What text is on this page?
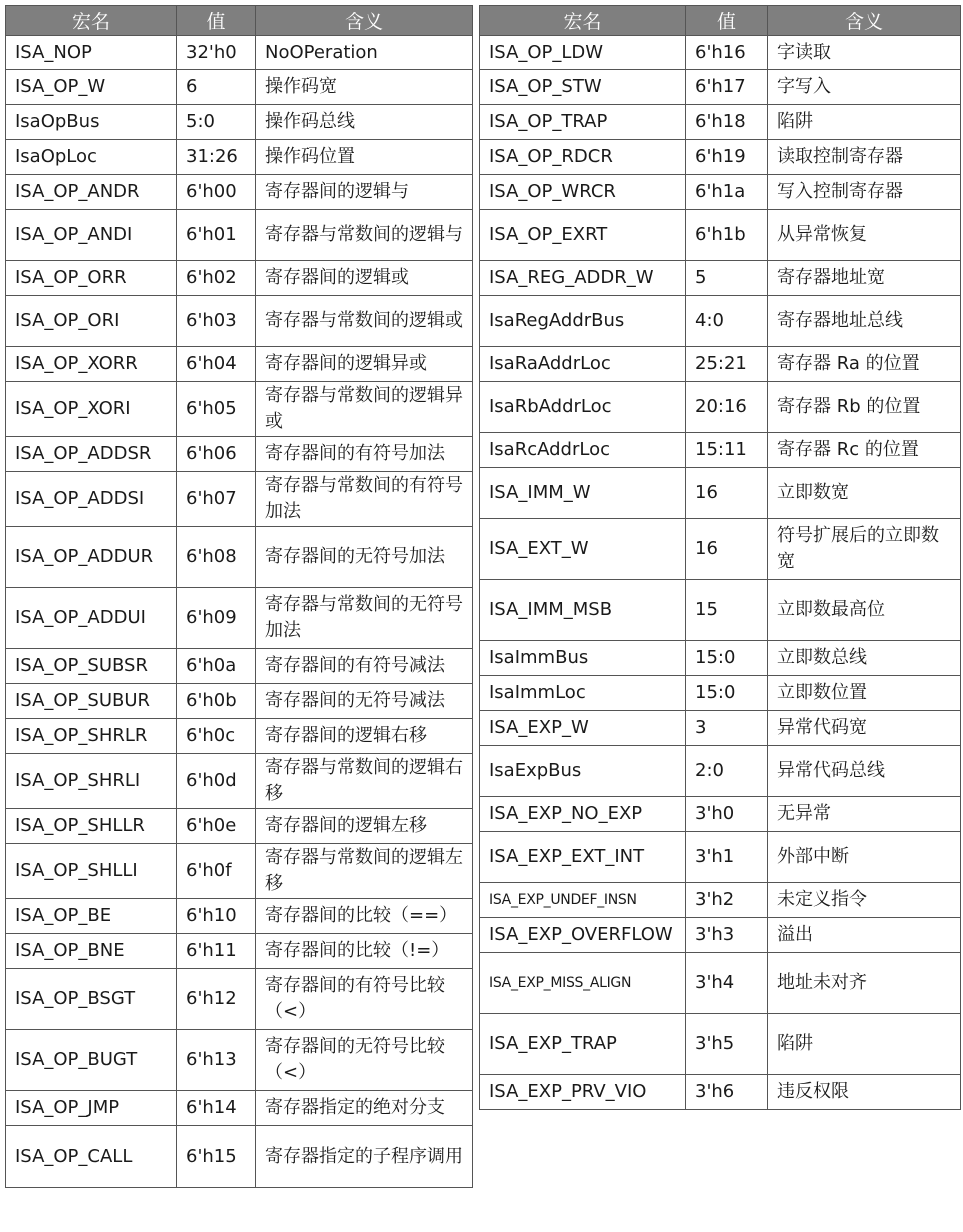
宏名	值	含义
ISA_NOP	32'h0	NoOPeration
ISA_OP_W	6	操作码宽
IsaOpBus	5:0	操作码总线
IsaOpLoc	31:26	操作码位置
ISA_OP_ANDR	6'h00	寄存器间的逻辑与
ISA_OP_ANDI	6'h01	寄存器与常数间的逻辑与
ISA_OP_ORR	6'h02	寄存器间的逻辑或
ISA_OP_ORI	6'h03	寄存器与常数间的逻辑或
ISA_OP_XORR	6'h04	寄存器间的逻辑异或
ISA_OP_XORI	6'h05	寄存器与常数间的逻辑异或
ISA_OP_ADDSR	6'h06	寄存器间的有符号加法
ISA_OP_ADDSI	6'h07	寄存器与常数间的有符号加法
ISA_OP_ADDUR	6'h08	寄存器间的无符号加法
ISA_OP_ADDUI	6'h09	寄存器与常数间的无符号加法
ISA_OP_SUBSR	6'h0a	寄存器间的有符号减法
ISA_OP_SUBUR	6'h0b	寄存器间的无符号减法
ISA_OP_SHRLR	6'h0c	寄存器间的逻辑右移
ISA_OP_SHRLI	6'h0d	寄存器与常数间的逻辑右移
ISA_OP_SHLLR	6'h0e	寄存器间的逻辑左移
ISA_OP_SHLLI	6'h0f	寄存器与常数间的逻辑左移
ISA_OP_BE	6'h10	寄存器间的比较（==）
ISA_OP_BNE	6'h11	寄存器间的比较（!=）
ISA_OP_BSGT	6'h12	寄存器间的有符号比较（<）
ISA_OP_BUGT	6'h13	寄存器间的无符号比较（<）
ISA_OP_JMP	6'h14	寄存器指定的绝对分支
ISA_OP_CALL	6'h15	寄存器指定的子程序调用
宏名	值	含义
ISA_OP_LDW	6'h16	字读取
ISA_OP_STW	6'h17	字写入
ISA_OP_TRAP	6'h18	陷阱
ISA_OP_RDCR	6'h19	读取控制寄存器
ISA_OP_WRCR	6'h1a	写入控制寄存器
ISA_OP_EXRT	6'h1b	从异常恢复
ISA_REG_ADDR_W	5	寄存器地址宽
IsaRegAddrBus	4:0	寄存器地址总线
IsaRaAddrLoc	25:21	寄存器 Ra 的位置
IsaRbAddrLoc	20:16	寄存器 Rb 的位置
IsaRcAddrLoc	15:11	寄存器 Rc 的位置
ISA_IMM_W	16	立即数宽
ISA_EXT_W	16	符号扩展后的立即数宽
ISA_IMM_MSB	15	立即数最高位
IsaImmBus	15:0	立即数总线
IsaImmLoc	15:0	立即数位置
ISA_EXP_W	3	异常代码宽
IsaExpBus	2:0	异常代码总线
ISA_EXP_NO_EXP	3'h0	无异常
ISA_EXP_EXT_INT	3'h1	外部中断
ISA_EXP_UNDEF_INSN	3'h2	未定义指令
ISA_EXP_OVERFLOW	3'h3	溢出
ISA_EXP_MISS_ALIGN	3'h4	地址未对齐
ISA_EXP_TRAP	3'h5	陷阱
ISA_EXP_PRV_VIO	3'h6	违反权限
